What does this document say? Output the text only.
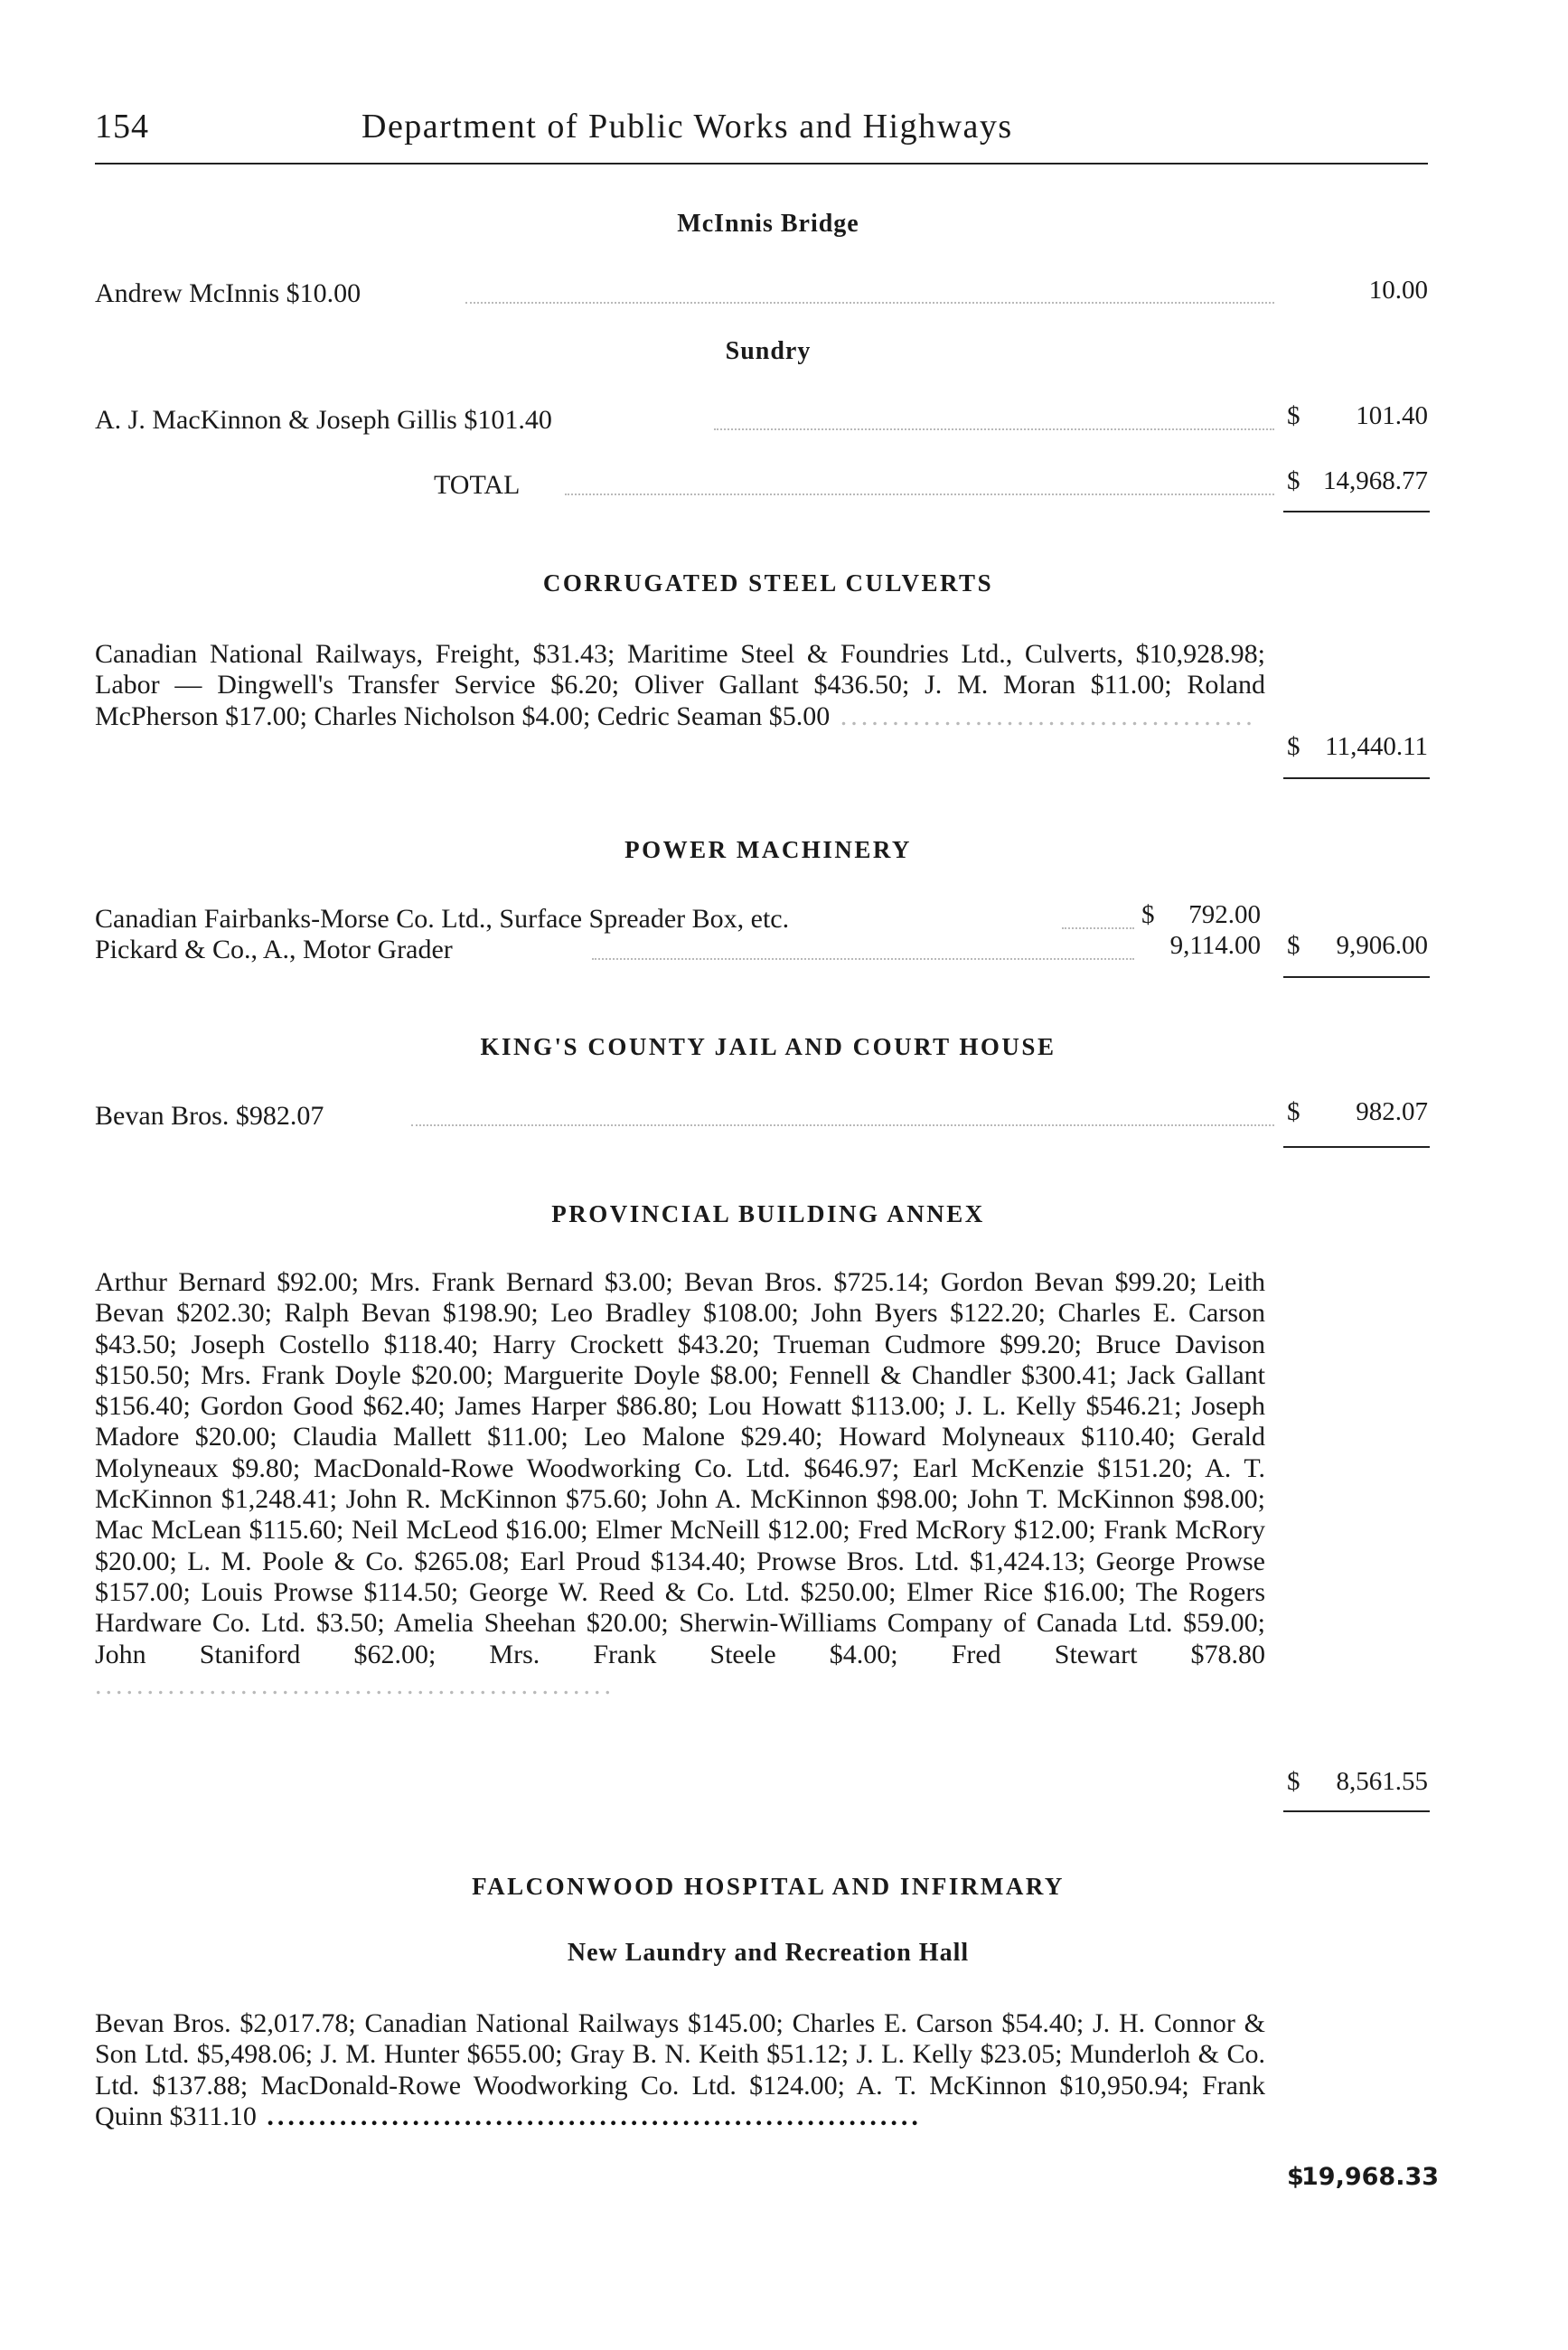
154	Department of Public Works and Highways
McInnis Bridge
Andrew McInnis $10.00	10.00
Sundry
A. J. MacKinnon & Joseph Gillis $101.40	$	101.40
TOTAL	$ 14,968.77
CORRUGATED STEEL CULVERTS
Canadian National Railways, Freight, $31.43; Maritime Steel & Foundries Ltd., Culverts, $10,928.98; Labor — Dingwell's Transfer Service $6.20; Oliver Gallant $436.50; J. M. Moran $11.00; Roland McPherson $17.00; Charles Nicholson $4.00; Cedric Seaman $5.00 ........................................
$ 11,440.11
POWER MACHINERY
Canadian Fairbanks-Morse Co. Ltd., Surface Spreader Box, etc.	$	792.00
Pickard & Co., A., Motor Grader	9,114.00 $	9,906.00
KING'S COUNTY JAIL AND COURT HOUSE
Bevan Bros. $982.07	$	982.07
PROVINCIAL BUILDING ANNEX
Arthur Bernard $92.00; Mrs. Frank Bernard $3.00; Bevan Bros. $725.14; Gordon Bevan $99.20; Leith Bevan $202.30; Ralph Bevan $198.90; Leo Bradley $108.00; John Byers $122.20; Charles E. Carson $43.50; Joseph Costello $118.40; Harry Crockett $43.20; Trueman Cudmore $99.20; Bruce Davison $150.50; Mrs. Frank Doyle $20.00; Marguerite Doyle $8.00; Fennell & Chandler $300.41; Jack Gallant $156.40; Gordon Good $62.40; James Harper $86.80; Lou Howatt $113.00; J. L. Kelly $546.21; Joseph Madore $20.00; Claudia Mallett $11.00; Leo Malone $29.40; Howard Molyneaux $110.40; Gerald Molyneaux $9.80; MacDonald-Rowe Woodworking Co. Ltd. $646.97; Earl McKenzie $151.20; A. T. McKinnon $1,248.41; John R. McKinnon $75.60; John A. McKinnon $98.00; John T. McKinnon $98.00; Mac McLean $115.60; Neil McLeod $16.00; Elmer McNeill $12.00; Fred McRory $12.00; Frank McRory $20.00; L. M. Poole & Co. $265.08; Earl Proud $134.40; Prowse Bros. Ltd. $1,424.13; George Prowse $157.00; Louis Prowse $114.50; George W. Reed & Co. Ltd. $250.00; Elmer Rice $16.00; The Rogers Hardware Co. Ltd. $3.50; Amelia Sheehan $20.00; Sherwin-Williams Company of Canada Ltd. $59.00; John Staniford $62.00; Mrs. Frank Steele $4.00; Fred Stewart $78.80 ..................................................
$	8,561.55
FALCONWOOD HOSPITAL AND INFIRMARY
New Laundry and Recreation Hall
Bevan Bros. $2,017.78; Canadian National Railways $145.00; Charles E. Carson $54.40; J. H. Connor & Son Ltd. $5,498.06; J. M. Hunter $655.00; Gray B. N. Keith $51.12; J. L. Kelly $23.05; Munderloh & Co. Ltd. $137.88; MacDonald-Rowe Woodworking Co. Ltd. $124.00; A. T. McKinnon $10,950.94; Frank Quinn $311.10 ...............................................................
$
19,968.33
